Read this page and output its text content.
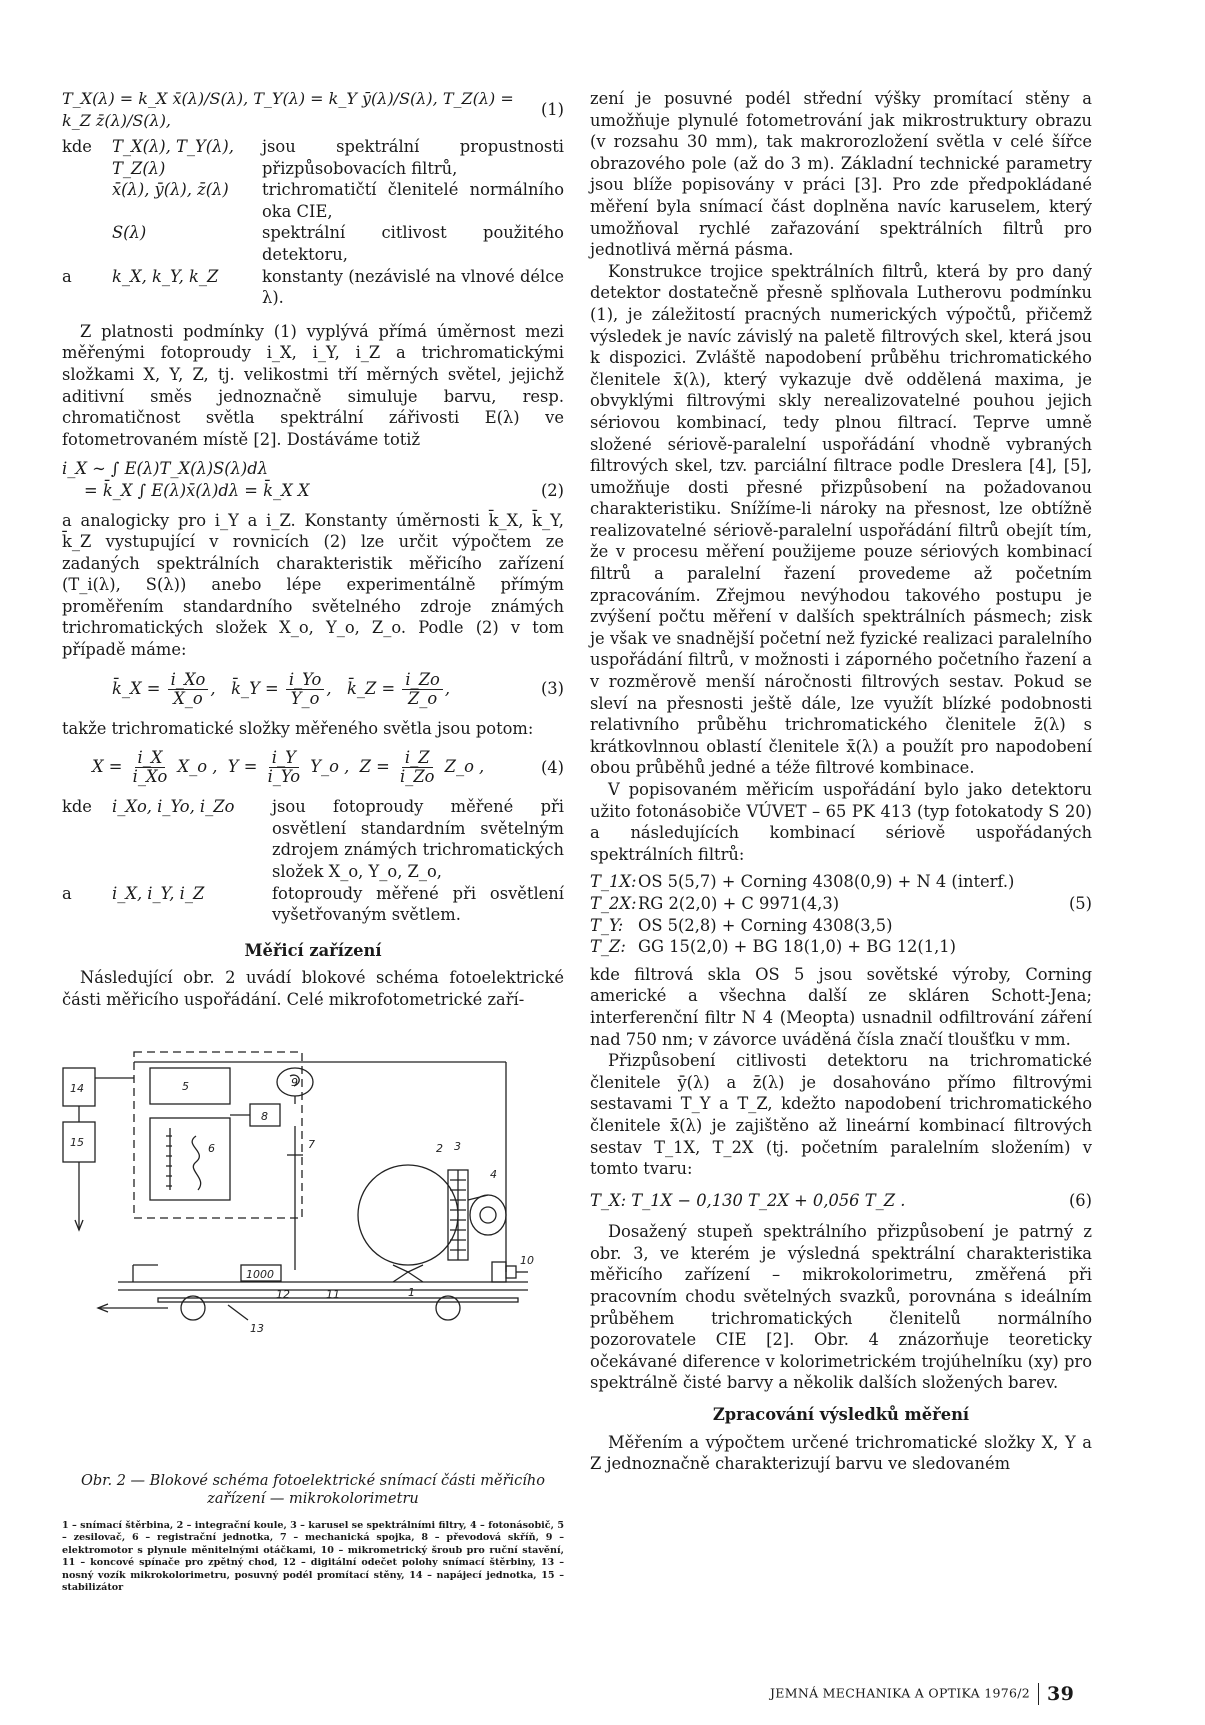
T_X(λ) = k_X x̄(λ)/S(λ), T_Y(λ) = k_Y ȳ(λ)/S(λ), T_Z(λ) = k_Z z̄(λ)/S(λ),
(1)
kde	T_X(λ), T_Y(λ), T_Z(λ)
jsou spektrální propustnosti přizpůsobovacích filtrů,
x̄(λ), ȳ(λ), z̄(λ)	trichromatičtí členitelé normálního oka CIE,
S(λ)	spektrální citlivost použitého detektoru,
a	k_X, k_Y, k_Z	konstanty (nezávislé na vlnové délce λ).

Z platnosti podmínky (1) vyplývá přímá úměrnost mezi měřenými fotoproudy i_X, i_Y, i_Z a trichromatickými složkami X, Y, Z, tj. velikostmi tří měrných světel, jejichž aditivní směs jednoznačně simuluje barvu, resp. chromatičnost světla spektrální zářivosti E(λ) ve fotometrovaném místě [2]. Dostáváme totiž

i_X ∼ ∫ E(λ)T_X(λ)S(λ)dλ
= k̄_X ∫ E(λ)x̄(λ)dλ = k̄_X X	(2)

a analogicky pro i_Y a i_Z. Konstanty úměrnosti k̄_X, k̄_Y, k̄_Z vystupující v rovnicích (2) lze určit výpočtem ze zadaných spektrálních charakteristik měřicího zařízení (T_i(λ), S(λ)) anebo lépe experimentálně přímým proměřením standardního světelného zdroje známých trichromatických složek X_o, Y_o, Z_o. Podle (2) v tom případě máme:

k̄_X = $\frac{i\_Xo}{X\_o}$ ,   k̄_Y = $\frac{i\_Yo}{Y\_o}$ ,   k̄_Z = $\frac{i\_Zo}{Z\_o}$ ,	(3)

takže trichromatické složky měřeného světla jsou potom:

$X = \frac{i\_X}{i\_Xo}$ X_o , $Y = \frac{i\_Y}{i\_Yo}$ Y_o , $Z = \frac{i\_Z}{i\_Zo}$ Z_o ,	(4)
kde	i_Xo, i_Yo, i_Zo	jsou fotoproudy měřené při osvětlení standardním světelným zdrojem známých trichromatických složek X_o, Y_o, Z_o,
a	i_X, i_Y, i_Z	fotoproudy měřené při osvětlení vyšetřovaným světlem.
Měřicí zařízení

Následující obr. 2 uvádí blokové schéma fotoelektrické části měřicího uspořádání. Celé mikrofotometrické zaří-

14
15
5
6
9
8
7	2 3
4
10
12	11	1
13
1000
Obr. 2 — Blokové schéma fotoelektrické snímací části měřicího zařízení — mikrokolorimetru
1 – snímací štěrbina, 2 – integrační koule, 3 – karusel se spektrálními filtry, 4 – fotonásobič, 5 – zesilovač, 6 – registrační jednotka, 7 – mechanická spojka, 8 – převodová skříň, 9 – elektromotor s plynule měnitelnými otáčkami, 10 – mikrometrický šroub pro ruční stavění, 11 – koncové spínače pro zpětný chod, 12 – digitální odečet polohy snímací štěrbiny, 13 – nosný vozík mikrokolorimetru, posuvný podél promítací stěny, 14 – napájecí jednotka, 15 – stabilizátor

zení je posuvné podél střední výšky promítací stěny a umožňuje plynulé fotometrování jak mikrostruktury obrazu (v rozsahu 30 mm), tak makrorozložení světla v celé šířce obrazového pole (až do 3 m). Základní technické parametry jsou blíže popisovány v práci [3]. Pro zde předpokládané měření byla snímací část doplněna navíc karuselem, který umožňoval rychlé zařazování spektrálních filtrů pro jednotlivá měrná pásma.

Konstrukce trojice spektrálních filtrů, která by pro daný detektor dostatečně přesně splňovala Lutherovu podmínku (1), je záležitostí pracných numerických výpočtů, přičemž výsledek je navíc závislý na paletě filtrových skel, která jsou k dispozici. Zvláště napodobení průběhu trichromatického členitele x̄(λ), který vykazuje dvě oddělená maxima, je obvyklými filtrovými skly nerealizovatelné pouhou jejich sériovou kombinací, tedy plnou filtrací. Teprve umně složené sériově-paralelní uspořádání vhodně vybraných filtrových skel, tzv. parciální filtrace podle Dreslera [4], [5], umožňuje dosti přesné přizpůsobení na požadovanou charakteristiku. Snížíme-li nároky na přesnost, lze obtížně realizovatelné sériově-paralelní uspořádání filtrů obejít tím, že v procesu měření použijeme pouze sériových kombinací filtrů a paralelní řazení provedeme až početním zpracováním. Zřejmou nevýhodou takového postupu je zvýšení počtu měření v dalších spektrálních pásmech; zisk je však ve snadnější početní než fyzické realizaci paralelního uspořádání filtrů, v možnosti i záporného početního řazení a v rozměrově menší náročnosti filtrových sestav. Pokud se sleví na přesnosti ještě dále, lze využít blízké podobnosti relativního průběhu trichromatického členitele z̄(λ) s krátkovlnnou oblastí členitele x̄(λ) a použít pro napodobení obou průběhů jedné a téže filtrové kombinace.

V popisovaném měřicím uspořádání bylo jako detektoru užito fotonásobiče VÚVET – 65 PK 413 (typ fotokatody S 20) a následujících kombinací sériově uspořádaných spektrálních filtrů:

T_1X: OS 5(5,7) + Corning 4308(0,9) + N 4 (interf.)
T_2X: RG 2(2,0) + C 9971(4,3)	(5)
T_Y: OS 5(2,8) + Corning 4308(3,5)
T_Z: GG 15(2,0) + BG 18(1,0) + BG 12(1,1)

kde filtrová skla OS 5 jsou sovětské výroby, Corning americké a všechna další ze skláren Schott-Jena; interferenční filtr N 4 (Meopta) usnadnil odfiltrování záření nad 750 nm; v závorce uváděná čísla značí tloušťku v mm.

Přizpůsobení citlivosti detektoru na trichromatické členitele ȳ(λ) a z̄(λ) je dosahováno přímo filtrovými sestavami T_Y a T_Z, kdežto napodobení trichromatického členitele x̄(λ) je zajištěno až lineární kombinací filtrových sestav T_1X, T_2X (tj. početním paralelním složením) v tomto tvaru:

T_X: T_1X − 0,130 T_2X + 0,056 T_Z .	(6)

Dosažený stupeň spektrálního přizpůsobení je patrný z obr. 3, ve kterém je výsledná spektrální charakteristika měřicího zařízení – mikrokolorimetru, změřená při pracovním chodu světelných svazků, porovnána s ideálním průběhem trichromatických členitelů normálního pozorovatele CIE [2]. Obr. 4 znázorňuje teoreticky očekávané diference v kolorimetrickém trojúhelníku (xy) pro spektrálně čisté barvy a několik dalších složených barev.

Zpracování výsledků měření

Měřením a výpočtem určené trichromatické složky X, Y a Z jednoznačně charakterizují barvu ve sledovaném

JEMNÁ MECHANIKA A OPTIKA 1976/2 39
